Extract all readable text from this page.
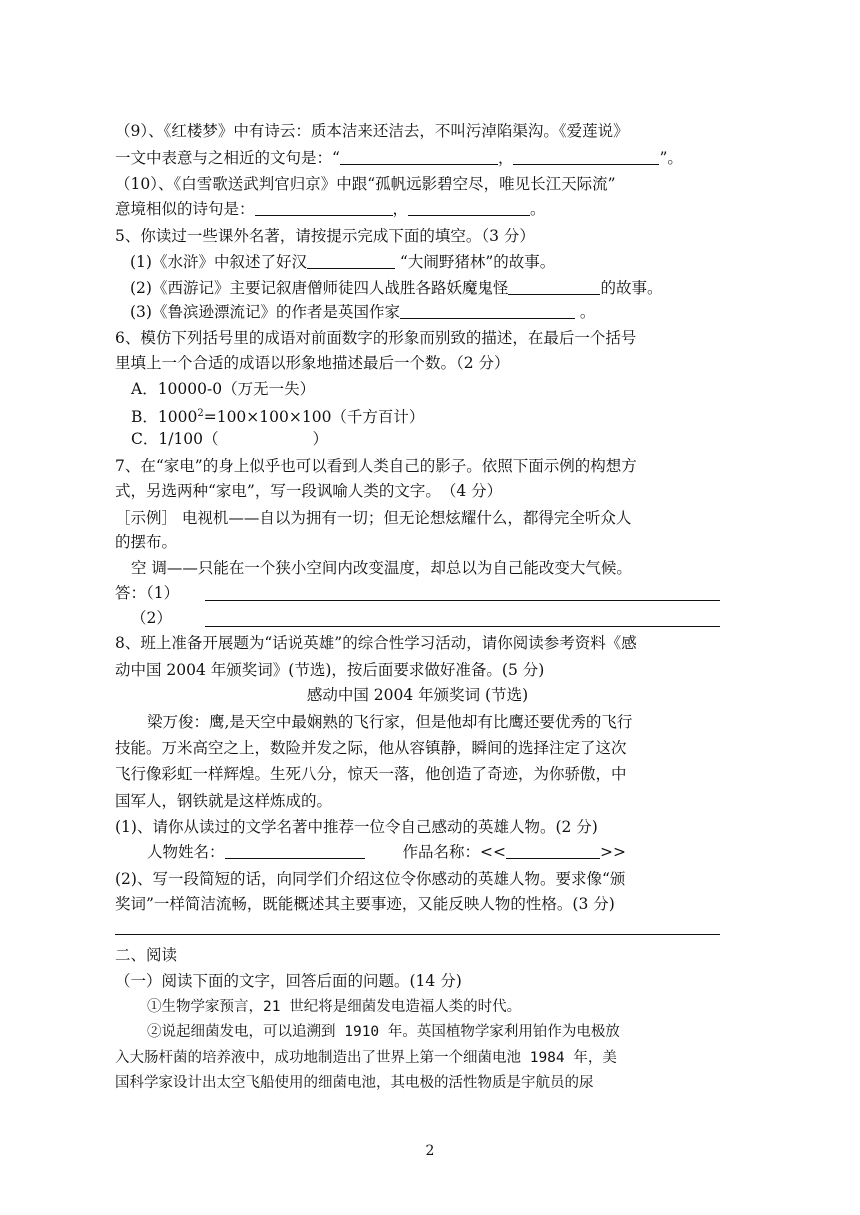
（9）、《红楼梦》中有诗云：质本洁来还洁去，不叫污淖陷渠沟。《爱莲说》
一文中表意与之相近的文句是：“	，	”。
（10）、《白雪歌送武判官归京》中跟“孤帆远影碧空尽，唯见长江天际流”
意境相似的诗句是：	，	。
5、你读过一些课外名著，请按提示完成下面的填空。（3 分）
(1)《水浒》中叙述了好汉	“大闹野猪林”的故事。
(2)《西游记》主要记叙唐僧师徒四人战胜各路妖魔鬼怪	的故事。
(3)《鲁滨逊漂流记》的作者是英国作家	。
6、模仿下列括号里的成语对前面数字的形象而别致的描述，在最后一个括号
里填上一个合适的成语以形象地描述最后一个数。（2 分）
A．10000-0（万无一失）
B．$1000^2=100\times 100\times 100$（千方百计）
C．1/100（	）
7、在“家电”的身上似乎也可以看到人类自己的影子。依照下面示例的构想方
式，另选两种“家电”，写一段讽喻人类的文字。　（4 分）
［示例］ 电视机——自以为拥有一切；但无论想炫耀什么，都得完全听众人
的摆布。
空 调——只能在一个狭小空间内改变温度，却总以为自己能改变大气候。
答：（1）
（2）
8、班上准备开展题为“话说英雄”的综合性学习活动，请你阅读参考资料《感
动中国 2004 年颁奖词》(节选)，按后面要求做好准备。(5 分)
感动中国 2004 年颁奖词 (节选)
梁万俊：鹰,是天空中最娴熟的飞行家，但是他却有比鹰还要优秀的飞行
技能。万米高空之上，数险并发之际，他从容镇静，瞬间的选择注定了这次
飞行像彩虹一样辉煌。生死八分，惊天一落，他创造了奇迹，为你骄傲，中
国军人，钢铁就是这样炼成的。
(1)、请你从读过的文学名著中推荐一位令自己感动的英雄人物。(2 分)
人物姓名：	作品名称：<<	>>
(2)、写一段简短的话，向同学们介绍这位令你感动的英雄人物。要求像“颁
奖词”一样简洁流畅，既能概述其主要事迹，又能反映人物的性格。(3 分)
二、阅读
（一）阅读下面的文字，回答后面的问题。(14 分)
①生物学家预言，21 世纪将是细菌发电造福人类的时代。
②说起细菌发电，可以追溯到 1910 年。英国植物学家利用铂作为电极放
入大肠杆菌的培养液中，成功地制造出了世界上第一个细菌电池 1984 年，美
国科学家设计出太空飞船使用的细菌电池，其电极的活性物质是宇航员的尿
2
